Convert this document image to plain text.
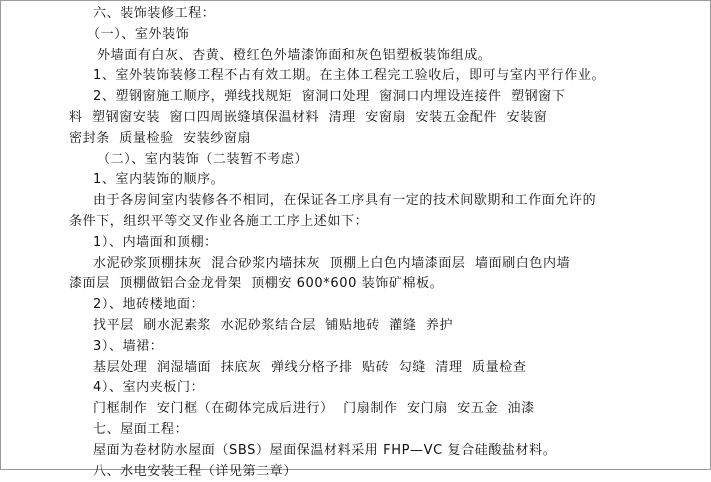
六、装饰装修工程：
（一）、室外装饰
外墙面有白灰、杏黄、橙红色外墙漆饰面和灰色铝塑板装饰组成。
1、室外装饰装修工程不占有效工期。在主体工程完工验收后，即可与室内平行作业。
2、塑钢窗施工顺序，弹线找规矩  窗洞口处理  窗洞口内埋设连接件  塑钢窗下
料  塑钢窗安装  窗口四周嵌缝填保温材料  清理  安窗扇  安装五金配件  安装窗
密封条  质量检验  安装纱窗扇
（二）、室内装饰（二装暂不考虑）
1、室内装饰的顺序。
由于各房间室内装修各不相同，在保证各工序具有一定的技术间歇期和工作面允许的
条件下，组织平等交叉作业各施工工序上述如下：
1）、内墙面和顶棚：
水泥砂浆顶棚抹灰  混合砂浆内墙抹灰  顶棚上白色内墙漆面层  墙面刷白色内墙
漆面层  顶棚做铝合金龙骨架  顶棚安 600*600 装饰矿棉板。
2）、地砖楼地面：
找平层  刷水泥素浆  水泥砂浆结合层  铺贴地砖  灌缝  养护
3）、墙裙：
基层处理  润湿墙面  抹底灰  弹线分格予排  贴砖  勾缝  清理  质量检查
4）、室内夹板门：
门框制作  安门框（在砌体完成后进行）  门扇制作  安门扇  安五金  油漆
七、屋面工程：
屋面为卷材防水屋面（SBS）屋面保温材料采用 FHP—VC 复合硅酸盐材料。
八、水电安装工程（详见第二章）
